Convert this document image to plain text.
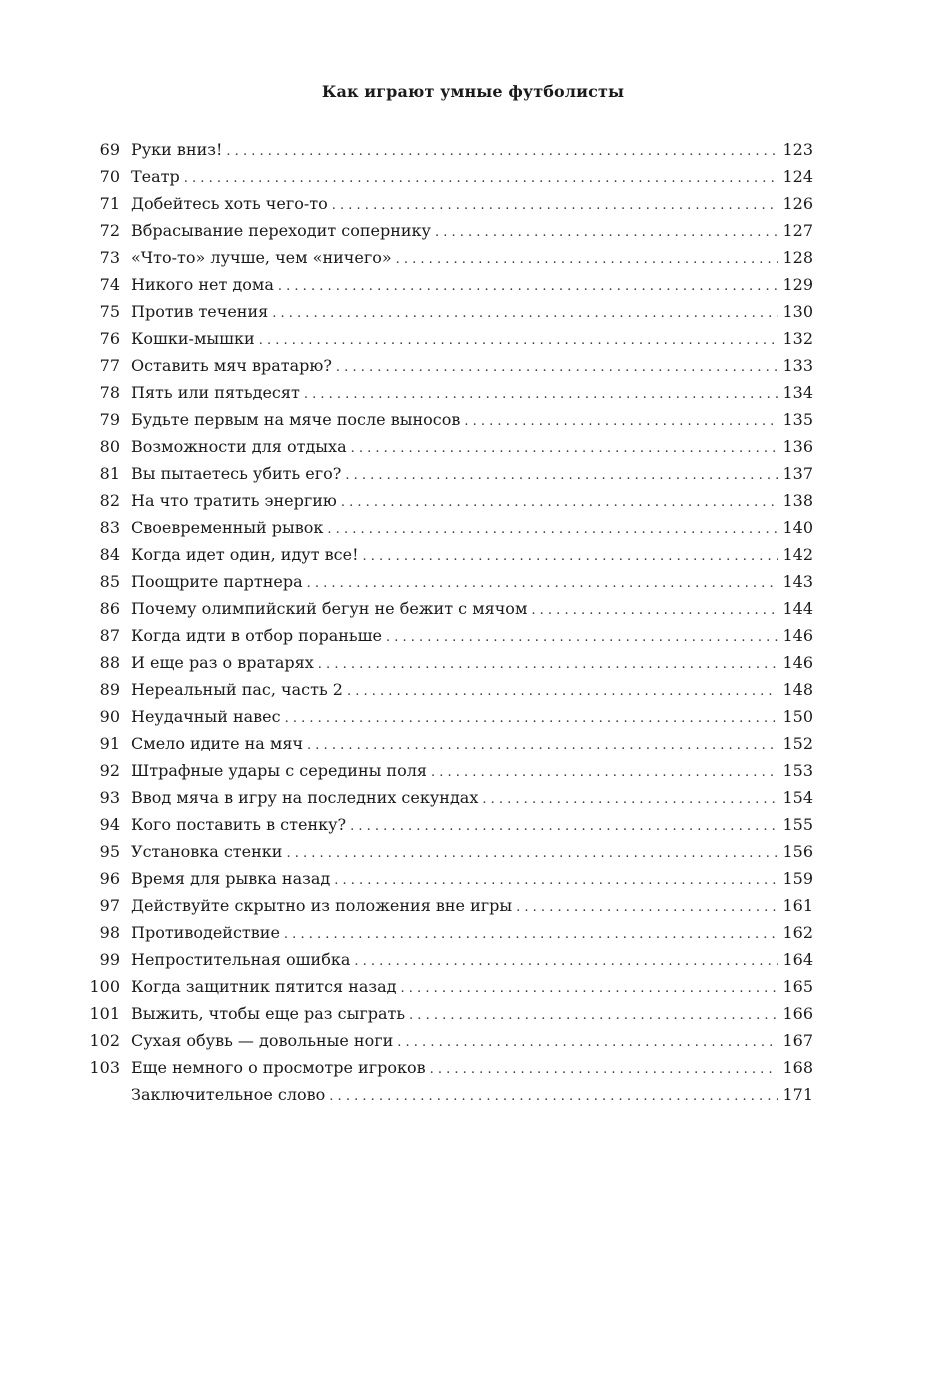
Как играют умные футболисты
69 Руки вниз! . . .	123
70 Театр . . .	124
71 Добейтесь хоть чего-то . . .	126
72 Вбрасывание переходит сопернику . . .	127
73 «Что-то» лучше, чем «ничего» . . .	128
74 Никого нет дома . . .	129
75 Против течения . . .	130
76 Кошки-мышки . . .	132
77 Оставить мяч вратарю? . . .	133
78 Пять или пятьдесят . . .	134
79 Будьте первым на мяче после выносов . . .	135
80 Возможности для отдыха . . .	136
81 Вы пытаетесь убить его? . . .	137
82 На что тратить энергию . . .	138
83 Своевременный рывок . . .	140
84 Когда идет один, идут все! . . .	142
85 Поощрите партнера . . .	143
86 Почему олимпийский бегун не бежит с мячом . . .	144
87 Когда идти в отбор пораньше . . .	146
88 И еще раз о вратарях . . .	146
89 Нереальный пас, часть 2 . . .	148
90 Неудачный навес . . .	150
91 Смело идите на мяч . . .	152
92 Штрафные удары с середины поля . . .	153
93 Ввод мяча в игру на последних секундах . . .	154
94 Кого поставить в стенку? . . .	155
95 Установка стенки . . .	156
96 Время для рывка назад . . .	159
97 Действуйте скрытно из положения вне игры . . .	161
98 Противодействие . . .	162
99 Непростительная ошибка . . .	164
100 Когда защитник пятится назад . . .	165
101 Выжить, чтобы еще раз сыграть . . .	166
102 Сухая обувь — довольные ноги . . .	167
103 Еще немного о просмотре игроков . . .	168
Заключительное слово . . .	171
